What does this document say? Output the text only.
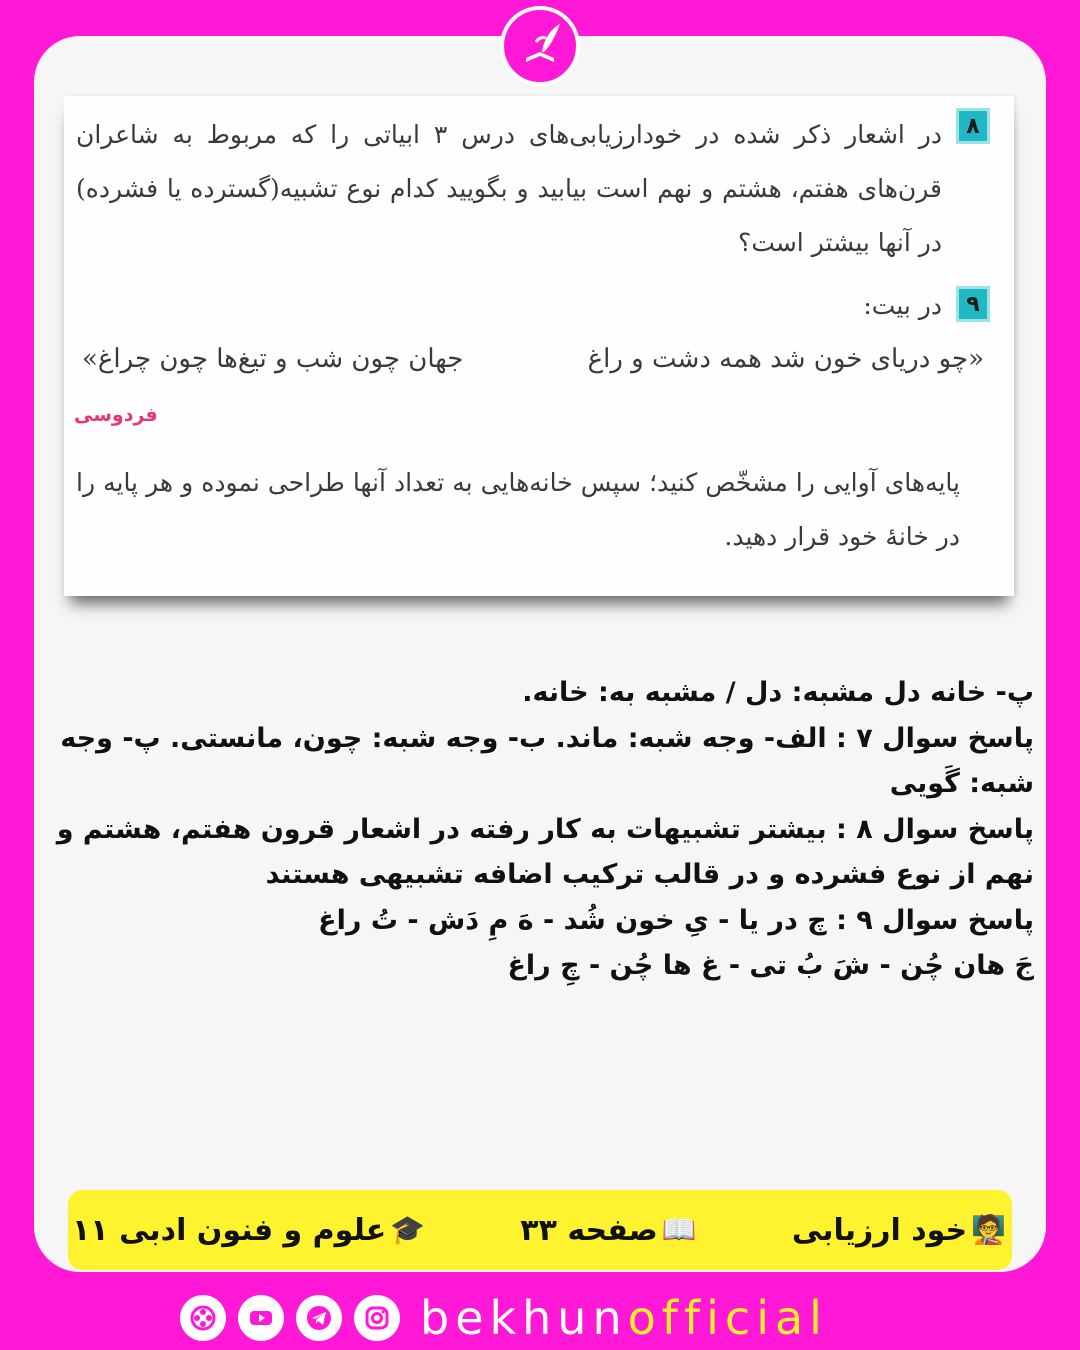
۸
در اشعار ذکر شده در خودارزیابی‌های درس ۳ ابیاتی را که مربوط به شاعران قرن‌های هفتم، هشتم و نهم است بیابید و بگویید کدام نوع تشبیه(گسترده یا فشرده) در آنها بیشتر است؟
۹
در بیت:
«چو دریای خون شد همه دشت و راغ
جهان چون شب و تیغ‌ها چون چراغ»
فردوسی
پایه‌های آوایی را مشخّص کنید؛ سپس خانه‌هایی به تعداد آنها طراحی نموده و هر پایه را در خانهٔ خود قرار دهید.

پ- خانه دل مشبه: دل / مشبه به: خانه.

پاسخ سوال ۷ : الف- وجه شبه: ماند. ب- وجه شبه: چون، مانستی. پ- وجه شبه: گَویی

پاسخ سوال ۸ : بیشتر تشبیهات به کار رفته در اشعار قرون هفتم، هشتم و نهم از نوع فشرده و در قالب ترکیب اضافه تشبیهی هستند

پاسخ سوال ۹ : چ در یا - یِ خون شُد - هَ مِ دَش - تُ راغ

جَ هان چُن - شَ بُ تی - غ ها چُن - چِ راغ

🧑‍🏫
خود ارزیابی
📖
صفحه ۳۳
🎓
علوم و فنون ادبی ۱۱
bekhunofficial
